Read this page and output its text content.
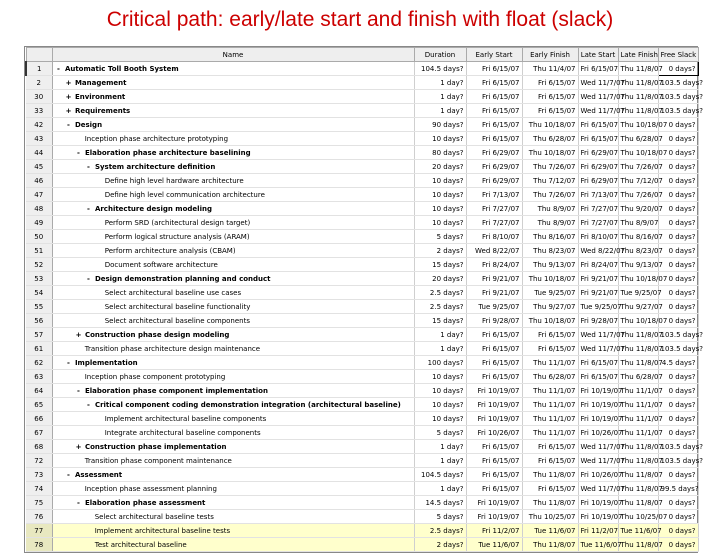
Critical path: early/late start and finish with float (slack)
	Name	Duration	Early Start	Early Finish	Late Start	Late Finish	Free Slack
1	- Automatic Toll Booth System	104.5 days?	Fri 6/15/07	Thu 11/4/07	Fri 6/15/07	Thu 11/8/07	0 days?
2	+ Management	1 day?	Fri 6/15/07	Fri 6/15/07	Wed 11/7/07	Thu 11/8/07	103.5 days?
30	+ Environment	1 day?	Fri 6/15/07	Fri 6/15/07	Wed 11/7/07	Thu 11/8/07	103.5 days?
33	+ Requirements	1 day?	Fri 6/15/07	Fri 6/15/07	Wed 11/7/07	Thu 11/8/07	103.5 days?
42	- Design	90 days?	Fri 6/15/07	Thu 10/18/07	Fri 6/15/07	Thu 10/18/07	0 days?
43	Inception phase architecture prototyping	10 days?	Fri 6/15/07	Thu 6/28/07	Fri 6/15/07	Thu 6/28/07	0 days?
44	- Elaboration phase architecture baselining	80 days?	Fri 6/29/07	Thu 10/18/07	Fri 6/29/07	Thu 10/18/07	0 days?
45	- System architecture definition	20 days?	Fri 6/29/07	Thu 7/26/07	Fri 6/29/07	Thu 7/26/07	0 days?
46	Define high level hardware architecture	10 days?	Fri 6/29/07	Thu 7/12/07	Fri 6/29/07	Thu 7/12/07	0 days?
47	Define high level communication architecture	10 days?	Fri 7/13/07	Thu 7/26/07	Fri 7/13/07	Thu 7/26/07	0 days?
48	- Architecture design modeling	10 days?	Fri 7/27/07	Thu 8/9/07	Fri 7/27/07	Thu 9/20/07	0 days?
49	Perform SRD (architectural design target)	10 days?	Fri 7/27/07	Thu 8/9/07	Fri 7/27/07	Thu 8/9/07	0 days?
50	Perform logical structure analysis (ARAM)	5 days?	Fri 8/10/07	Thu 8/16/07	Fri 8/10/07	Thu 8/16/07	0 days?
51	Perform architecture analysis (CBAM)	2 days?	Wed 8/22/07	Thu 8/23/07	Wed 8/22/07	Thu 8/23/07	0 days?
52	Document software architecture	15 days?	Fri 8/24/07	Thu 9/13/07	Fri 8/24/07	Thu 9/13/07	0 days?
53	- Design demonstration planning and conduct	20 days?	Fri 9/21/07	Thu 10/18/07	Fri 9/21/07	Thu 10/18/07	0 days?
54	Select architectural baseline use cases	2.5 days?	Fri 9/21/07	Tue 9/25/07	Fri 9/21/07	Tue 9/25/07	0 days?
55	Select architectural baseline functionality	2.5 days?	Tue 9/25/07	Thu 9/27/07	Tue 9/25/07	Thu 9/27/07	0 days?
56	Select architectural baseline components	15 days?	Fri 9/28/07	Thu 10/18/07	Fri 9/28/07	Thu 10/18/07	0 days?
57	+ Construction phase design modeling	1 day?	Fri 6/15/07	Fri 6/15/07	Wed 11/7/07	Thu 11/8/07	103.5 days?
61	Transition phase architecture design maintenance	1 day?	Fri 6/15/07	Fri 6/15/07	Wed 11/7/07	Thu 11/8/07	103.5 days?
62	- Implementation	100 days?	Fri 6/15/07	Thu 11/1/07	Fri 6/15/07	Thu 11/8/07	4.5 days?
63	Inception phase component prototyping	10 days?	Fri 6/15/07	Thu 6/28/07	Fri 6/15/07	Thu 6/28/07	0 days?
64	- Elaboration phase component implementation	10 days?	Fri 10/19/07	Thu 11/1/07	Fri 10/19/07	Thu 11/1/07	0 days?
65	- Critical component coding demonstration integration (architectural baseline)	10 days?	Fri 10/19/07	Thu 11/1/07	Fri 10/19/07	Thu 11/1/07	0 days?
66	Implement architectural baseline components	10 days?	Fri 10/19/07	Thu 11/1/07	Fri 10/19/07	Thu 11/1/07	0 days?
67	Integrate architectural baseline components	5 days?	Fri 10/26/07	Thu 11/1/07	Fri 10/26/07	Thu 11/1/07	0 days?
68	+ Construction phase implementation	1 day?	Fri 6/15/07	Fri 6/15/07	Wed 11/7/07	Thu 11/8/07	103.5 days?
72	Transition phase component maintenance	1 day?	Fri 6/15/07	Fri 6/15/07	Wed 11/7/07	Thu 11/8/07	103.5 days?
73	- Assessment	104.5 days?	Fri 6/15/07	Thu 11/8/07	Fri 10/26/07	Thu 11/8/07	0 days?
74	Inception phase assessment planning	1 day?	Fri 6/15/07	Fri 6/15/07	Wed 11/7/07	Thu 11/8/07	99.5 days?
75	- Elaboration phase assessment	14.5 days?	Fri 10/19/07	Thu 11/8/07	Fri 10/19/07	Thu 11/8/07	0 days?
76	Select architectural baseline tests	5 days?	Fri 10/19/07	Thu 10/25/07	Fri 10/19/07	Thu 10/25/07	0 days?
77	Implement architectural baseline tests	2.5 days?	Fri 11/2/07	Tue 11/6/07	Fri 11/2/07	Tue 11/6/07	0 days?
78	Test architectural baseline	2 days?	Tue 11/6/07	Thu 11/8/07	Tue 11/6/07	Thu 11/8/07	0 days?
